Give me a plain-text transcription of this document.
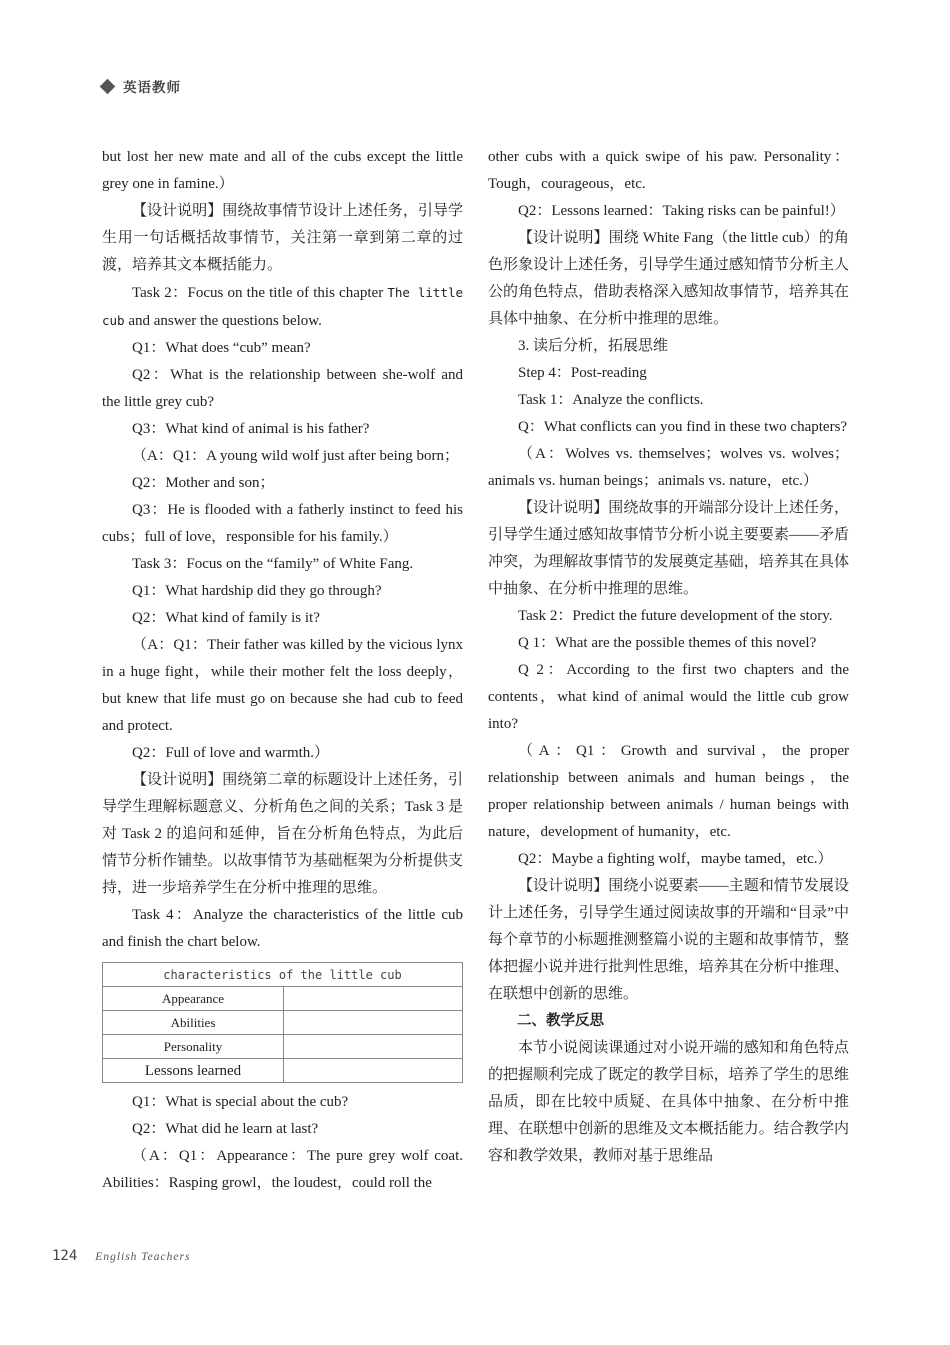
英语教师

but lost her new mate and all of the cubs except the little grey one in famine.）

【设计说明】围绕故事情节设计上述任务，引导学生用一句话概括故事情节，关注第一章到第二章的过渡，培养其文本概括能力。

Task 2：Focus on the title of this chapter The little cub and answer the questions below.

Q1：What does “cub” mean?

Q2：What is the relationship between she-wolf and the little grey cub?

Q3：What kind of animal is his father?

（A：Q1：A young wild wolf just after being born；

Q2：Mother and son；

Q3：He is flooded with a fatherly instinct to feed his cubs；full of love，responsible for his family.）

Task 3：Focus on the “family” of White Fang.

Q1：What hardship did they go through?

Q2：What kind of family is it?

（A：Q1：Their father was killed by the vicious lynx in a huge fight，while their mother felt the loss deeply，but knew that life must go on because she had cub to feed and protect.

Q2：Full of love and warmth.）

【设计说明】围绕第二章的标题设计上述任务，引导学生理解标题意义、分析角色之间的关系；Task 3 是对 Task 2 的追问和延伸，旨在分析角色特点，为此后情节分析作铺垫。以故事情节为基础框架为分析提供支持，进一步培养学生在分析中推理的思维。

Task 4：Analyze the characteristics of the little cub and finish the chart below.

characteristics of the little cub	
Appearance	
Abilities	
Personality	
Lessons learned	

Q1：What is special about the cub?

Q2：What did he learn at last?

（A：Q1：Appearance：The pure grey wolf coat. Abilities：Rasping growl，the loudest，could roll the

other cubs with a quick swipe of his paw. Personality：Tough，courageous，etc.

Q2：Lessons learned：Taking risks can be painful!）

【设计说明】围绕 White Fang（the little cub）的角色形象设计上述任务，引导学生通过感知情节分析主人公的角色特点，借助表格深入感知故事情节，培养其在具体中抽象、在分析中推理的思维。

3. 读后分析，拓展思维

Step 4：Post-reading

Task 1：Analyze the conflicts.

Q：What conflicts can you find in these two chapters?

（A：Wolves vs. themselves；wolves vs. wolves；animals vs. human beings；animals vs. nature，etc.）

【设计说明】围绕故事的开端部分设计上述任务，引导学生通过感知故事情节分析小说主要要素——矛盾冲突，为理解故事情节的发展奠定基础，培养其在具体中抽象、在分析中推理的思维。

Task 2：Predict the future development of the story.

Q 1：What are the possible themes of this novel?

Q 2：According to the first two chapters and the contents，what kind of animal would the little cub grow into?

（A：Q1：Growth and survival，the proper relationship between animals and human beings，the proper relationship between animals / human beings with nature，development of humanity，etc.

Q2：Maybe a fighting wolf，maybe tamed，etc.）

【设计说明】围绕小说要素——主题和情节发展设计上述任务，引导学生通过阅读故事的开端和“目录”中每个章节的小标题推测整篇小说的主题和故事情节，整体把握小说并进行批判性思维，培养其在分析中推理、在联想中创新的思维。

二、教学反思

本节小说阅读课通过对小说开端的感知和角色特点的把握顺利完成了既定的教学目标，培养了学生的思维品质，即在比较中质疑、在具体中抽象、在分析中推理、在联想中创新的思维及文本概括能力。结合教学内容和教学效果，教师对基于思维品

124 English Teachers
